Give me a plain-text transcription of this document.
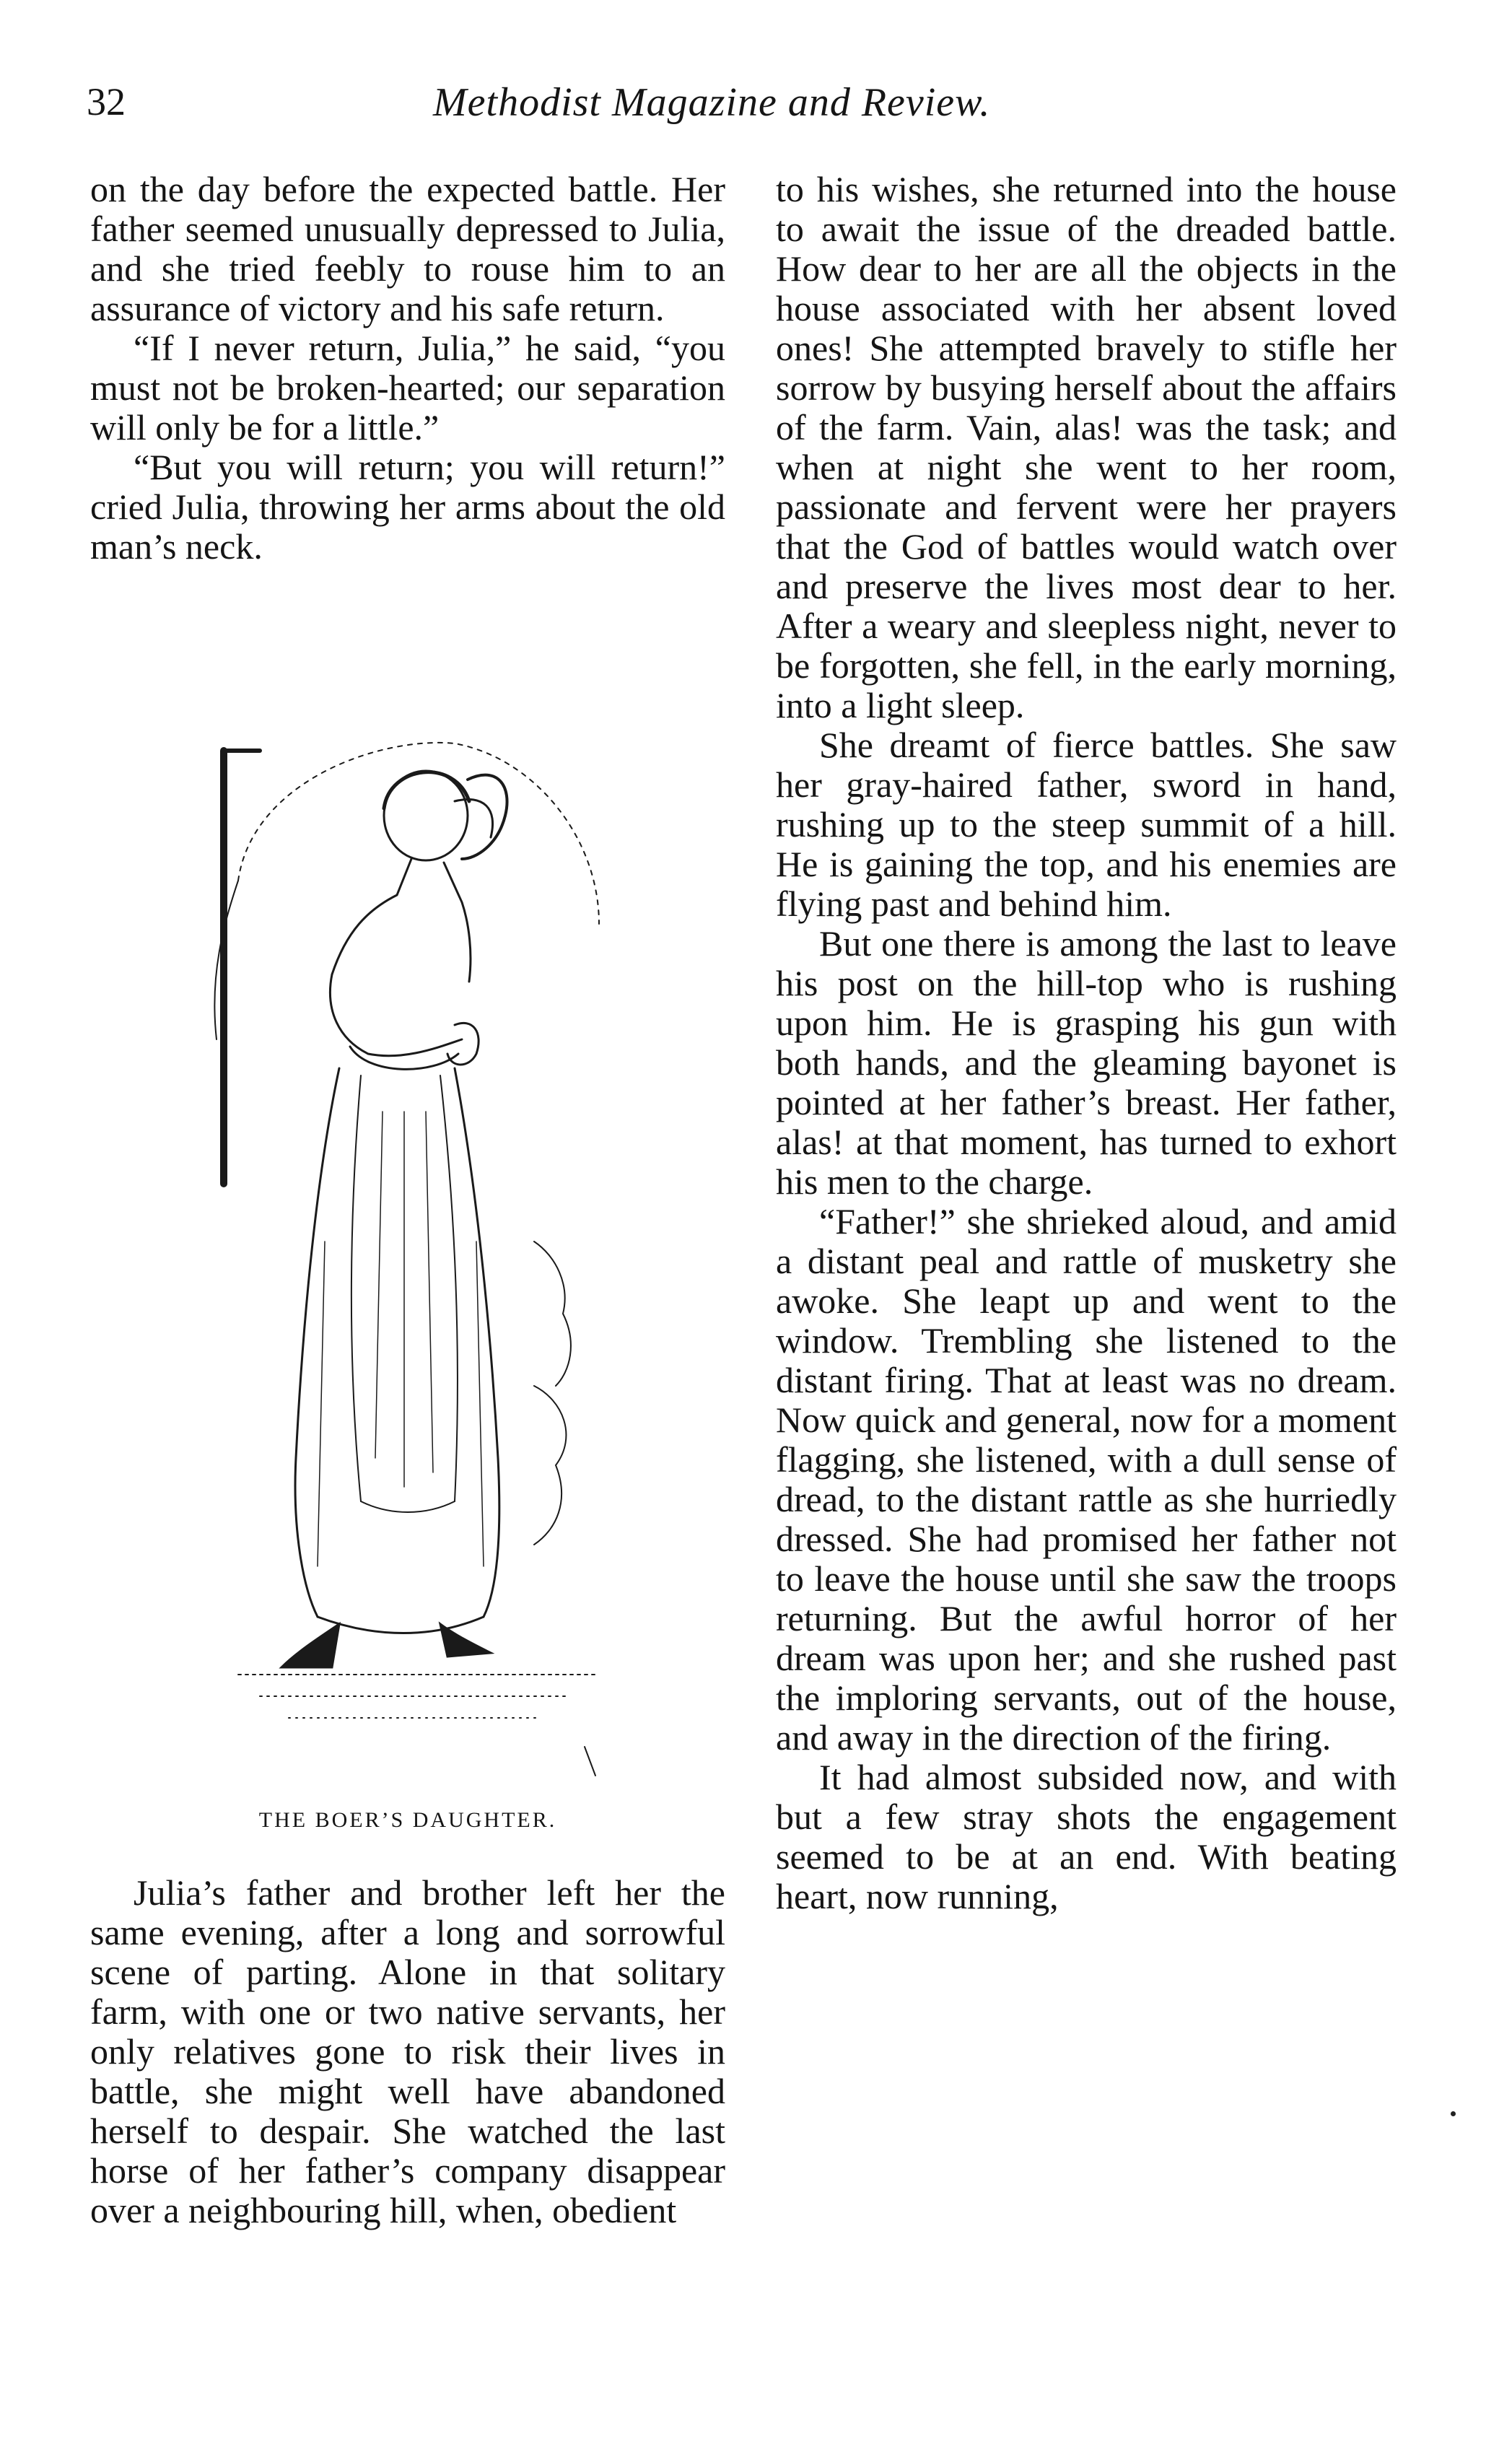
32	Methodist Magazine and Review.

on the day before the expected battle. Her father seemed unusually depressed to Julia, and she tried feebly to rouse him to an assurance of victory and his safe return.

“If I never return, Julia,” he said, “you must not be broken-hearted; our separation will only be for a little.”

“But you will return; you will return!” cried Julia, throwing her arms about the old man’s neck.

THE BOER’S DAUGHTER.

Julia’s father and brother left her the same evening, after a long and sorrowful scene of parting. Alone in that solitary farm, with one or two native servants, her only relatives gone to risk their lives in battle, she might well have abandoned herself to despair. She watched the last horse of her father’s company disappear over a neighbouring hill, when, obedient

to his wishes, she returned into the house to await the issue of the dreaded battle. How dear to her are all the objects in the house associated with her absent loved ones! She attempted bravely to stifle her sorrow by busying herself about the affairs of the farm. Vain, alas! was the task; and when at night she went to her room, passionate and fervent were her prayers that the God of battles would watch over and preserve the lives most dear to her. After a weary and sleepless night, never to be forgotten, she fell, in the early morning, into a light sleep.

She dreamt of fierce battles. She saw her gray-haired father, sword in hand, rushing up to the steep summit of a hill. He is gaining the top, and his enemies are flying past and behind him.

But one there is among the last to leave his post on the hill-top who is rushing upon him. He is grasping his gun with both hands, and the gleaming bayonet is pointed at her father’s breast. Her father, alas! at that moment, has turned to exhort his men to the charge.

“Father!” she shrieked aloud, and amid a distant peal and rattle of musketry she awoke. She leapt up and went to the window. Trembling she listened to the distant firing. That at least was no dream. Now quick and general, now for a moment flagging, she listened, with a dull sense of dread, to the distant rattle as she hurriedly dressed. She had promised her father not to leave the house until she saw the troops returning. But the awful horror of her dream was upon her; and she rushed past the imploring servants, out of the house, and away in the direction of the firing.

It had almost subsided now, and with but a few stray shots the engagement seemed to be at an end. With beating heart, now running,
